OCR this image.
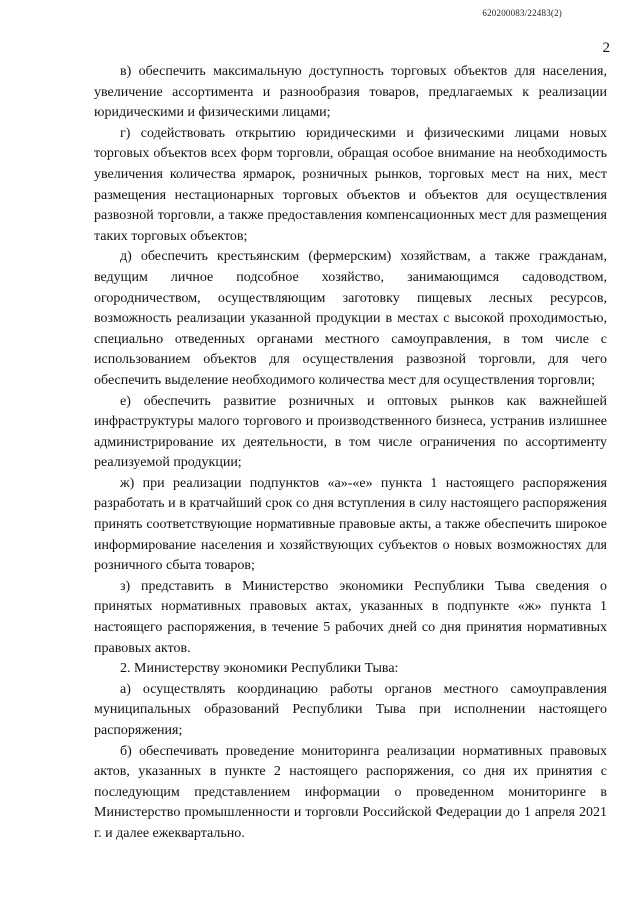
620200083/22483(2)
2

в) обеспечить максимальную доступность торговых объектов для населения, увеличение ассортимента и разнообразия товаров, предлагаемых к реализации юридическими и физическими лицами;

г) содействовать открытию юридическими и физическими лицами новых торговых объектов всех форм торговли, обращая особое внимание на необходимость увеличения количества ярмарок, розничных рынков, торговых мест на них, мест размещения нестационарных торговых объектов и объектов для осуществления развозной торговли, а также предоставления компенсационных мест для размещения таких торговых объектов;

д) обеспечить крестьянским (фермерским) хозяйствам, а также гражданам, ведущим личное подсобное хозяйство, занимающимся садоводством, огородничеством, осуществляющим заготовку пищевых лесных ресурсов, возможность реализации указанной продукции в местах с высокой проходимостью, специально отведенных органами местного самоуправления, в том числе с использованием объектов для осуществления развозной торговли, для чего обеспечить выделение необходимого количества мест для осуществления торговли;

е) обеспечить развитие розничных и оптовых рынков как важнейшей инфраструктуры малого торгового и производственного бизнеса, устранив излишнее администрирование их деятельности, в том числе ограничения по ассортименту реализуемой продукции;

ж) при реализации подпунктов «а»-«е» пункта 1 настоящего распоряжения разработать и в кратчайший срок со дня вступления в силу настоящего распоряжения принять соответствующие нормативные правовые акты, а также обеспечить широкое информирование населения и хозяйствующих субъектов о новых возможностях для розничного сбыта товаров;

з) представить в Министерство экономики Республики Тыва сведения о принятых нормативных правовых актах, указанных в подпункте «ж» пункта 1 настоящего распоряжения, в течение 5 рабочих дней со дня принятия нормативных правовых актов.

2. Министерству экономики Республики Тыва:

а) осуществлять координацию работы органов местного самоуправления муниципальных образований Республики Тыва при исполнении настоящего распоряжения;

б) обеспечивать проведение мониторинга реализации нормативных правовых актов, указанных в пункте 2 настоящего распоряжения, со дня их принятия с последующим представлением информации о проведенном мониторинге в Министерство промышленности и торговли Российской Федерации до 1 апреля 2021 г. и далее ежеквартально.
